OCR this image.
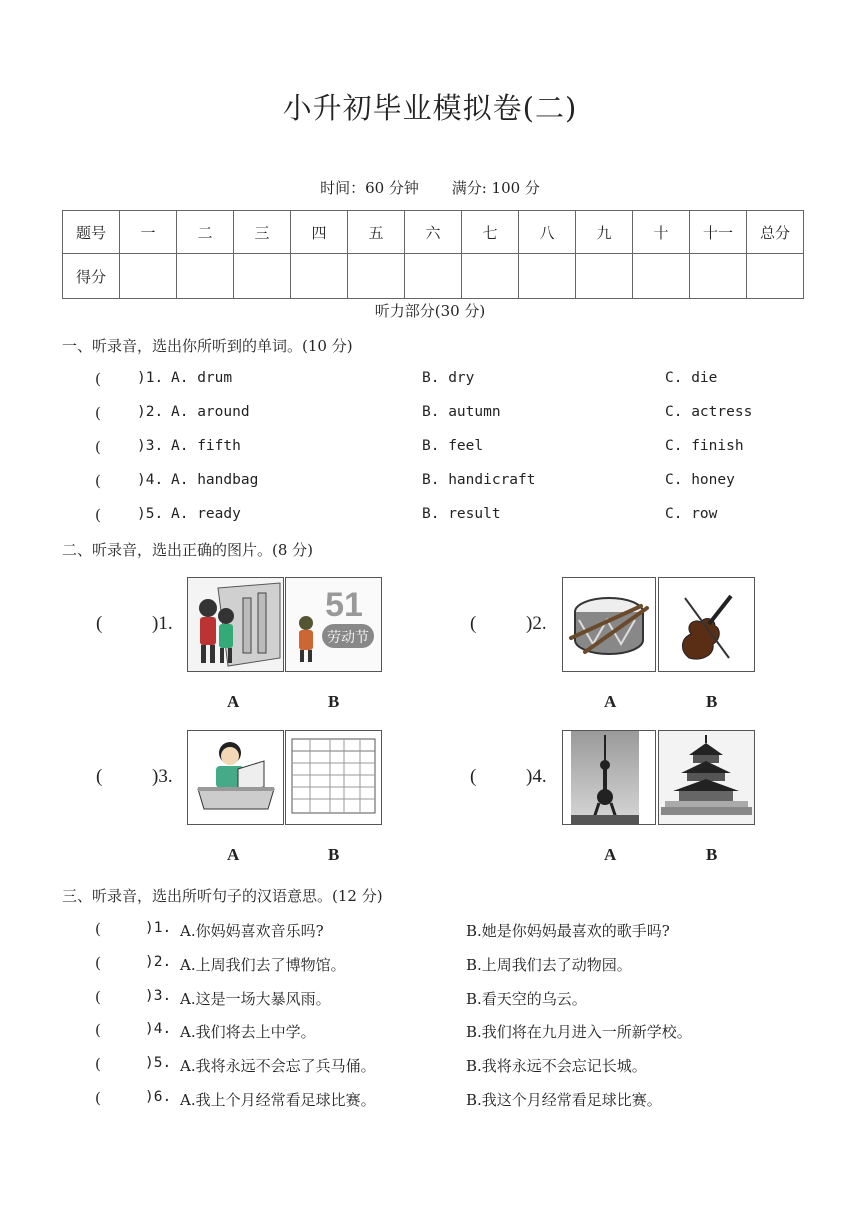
小升初毕业模拟卷(二)
时间：60 分钟 满分: 100 分
题号	一	二	三	四	五	六	七	八	九	十	十一	总分
得分												
听力部分(30 分)
一、听录音，选出你所听到的单词。(10 分)
( )1. A. drum	B. dry	C. die
( )2. A. around	B. autumn	C. actress
( )3. A. fifth	B. feel	C. finish
( )4. A. handbag	B. handicraft	C. honey
( )5. A. ready	B. result	C. row
二、听录音，选出正确的图片。(8 分)
(	)1.	51
劳动节
A	B
(	)2.
A	B
(	)3.
A	B
(	)4.
A	B
三、听录音，选出所听句子的汉语意思。(12 分)
(	)1. A.你妈妈喜欢音乐吗?	B.她是你妈妈最喜欢的歌手吗?
(	)2. A.上周我们去了博物馆。	B.上周我们去了动物园。
(	)3. A.这是一场大暴风雨。	B.看天空的乌云。
(	)4. A.我们将去上中学。	B.我们将在九月进入一所新学校。
(	)5. A.我将永远不会忘了兵马俑。	B.我将永远不会忘记长城。
(	)6. A.我上个月经常看足球比赛。	B.我这个月经常看足球比赛。
